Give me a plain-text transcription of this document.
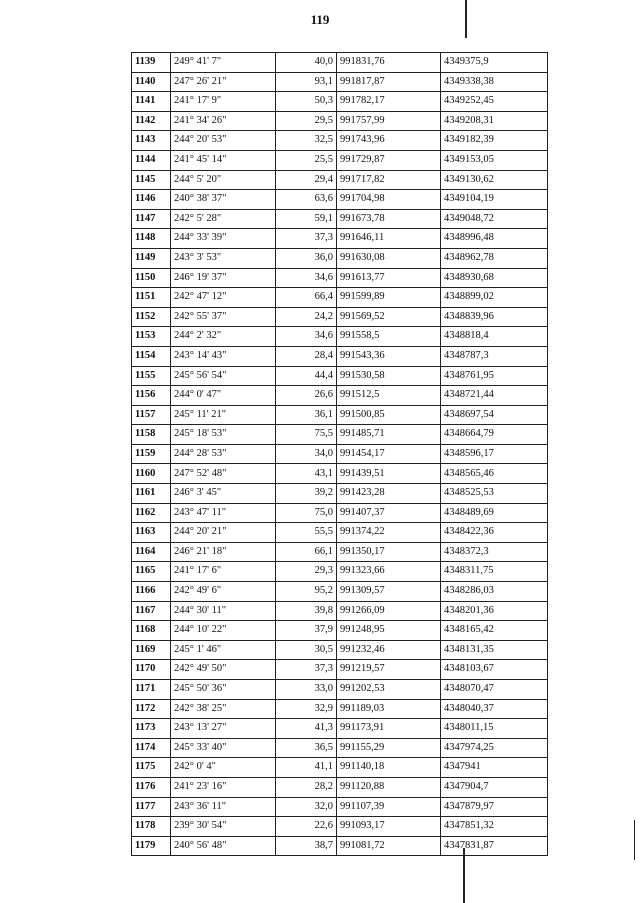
119
1139	249° 41' 7"	40,0	991831,76	4349375,9
1140	247° 26' 21"	93,1	991817,87	4349338,38
1141	241° 17' 9"	50,3	991782,17	4349252,45
1142	241° 34' 26"	29,5	991757,99	4349208,31
1143	244° 20' 53"	32,5	991743,96	4349182,39
1144	241° 45' 14"	25,5	991729,87	4349153,05
1145	244° 5' 20"	29,4	991717,82	4349130,62
1146	240° 38' 37"	63,6	991704,98	4349104,19
1147	242° 5' 28"	59,1	991673,78	4349048,72
1148	244° 33' 39"	37,3	991646,11	4348996,48
1149	243° 3' 53"	36,0	991630,08	4348962,78
1150	246° 19' 37"	34,6	991613,77	4348930,68
1151	242° 47' 12"	66,4	991599,89	4348899,02
1152	242° 55' 37"	24,2	991569,52	4348839,96
1153	244° 2' 32"	34,6	991558,5	4348818,4
1154	243° 14' 43"	28,4	991543,36	4348787,3
1155	245° 56' 54"	44,4	991530,58	4348761,95
1156	244° 0' 47"	26,6	991512,5	4348721,44
1157	245° 11' 21"	36,1	991500,85	4348697,54
1158	245° 18' 53"	75,5	991485,71	4348664,79
1159	244° 28' 53"	34,0	991454,17	4348596,17
1160	247° 52' 48"	43,1	991439,51	4348565,46
1161	246° 3' 45"	39,2	991423,28	4348525,53
1162	243° 47' 11"	75,0	991407,37	4348489,69
1163	244° 20' 21"	55,5	991374,22	4348422,36
1164	246° 21' 18"	66,1	991350,17	4348372,3
1165	241° 17' 6"	29,3	991323,66	4348311,75
1166	242° 49' 6"	95,2	991309,57	4348286,03
1167	244° 30' 11"	39,8	991266,09	4348201,36
1168	244° 10' 22"	37,9	991248,95	4348165,42
1169	245° 1' 46"	30,5	991232,46	4348131,35
1170	242° 49' 50"	37,3	991219,57	4348103,67
1171	245° 50' 36"	33,0	991202,53	4348070,47
1172	242° 38' 25"	32,9	991189,03	4348040,37
1173	243° 13' 27"	41,3	991173,91	4348011,15
1174	245° 33' 40"	36,5	991155,29	4347974,25
1175	242° 0' 4"	41,1	991140,18	4347941
1176	241° 23' 16"	28,2	991120,88	4347904,7
1177	243° 36' 11"	32,0	991107,39	4347879,97
1178	239° 30' 54"	22,6	991093,17	4347851,32
1179	240° 56' 48"	38,7	991081,72	4347831,87
